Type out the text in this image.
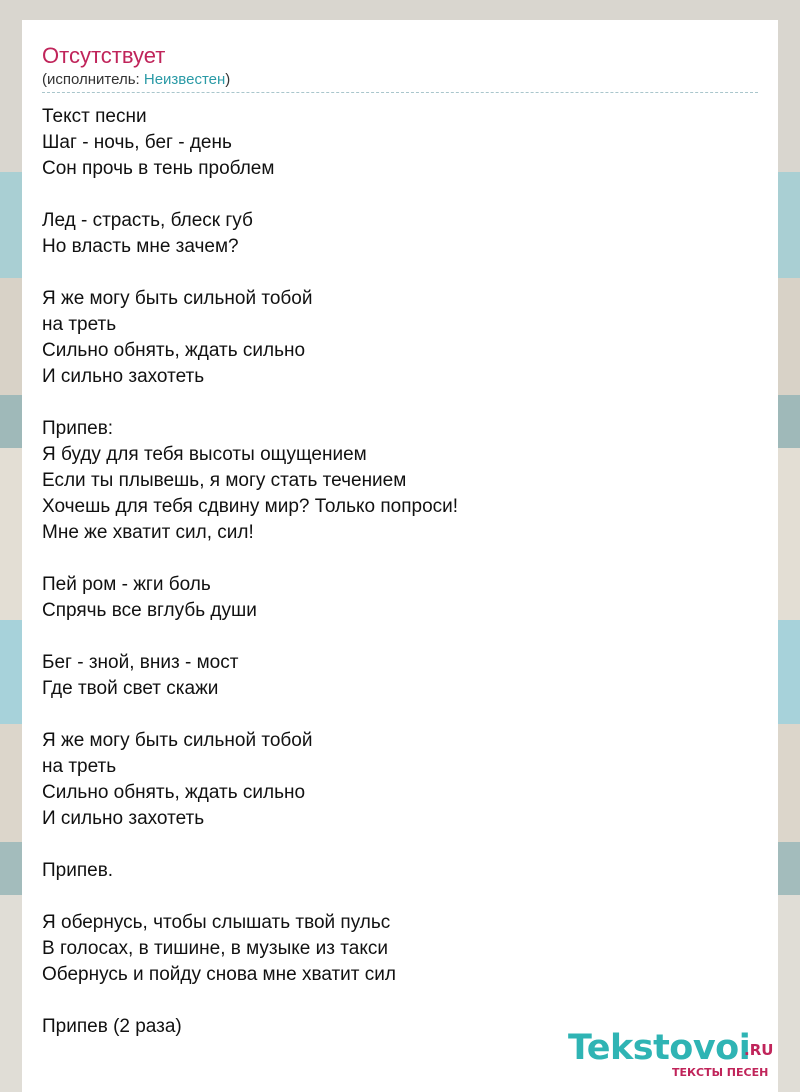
Отсутствует
(исполнитель: Неизвестен)
Текст песни
Шаг - ночь, бег - день
Сон прочь в тень проблем
Лед - страсть, блеск губ
Но власть мне зачем?
Я же могу быть сильной тобой
на треть
Сильно обнять, ждать сильно
И сильно захотеть
Припев:
Я буду для тебя высоты ощущением
Если ты плывешь, я могу стать течением
Хочешь для тебя сдвину мир? Только попроси!
Мне же хватит сил, сил!
Пей ром - жги боль
Спрячь все вглубь души
Бег - зной, вниз - мост
Где твой свет скажи
Я же могу быть сильной тобой
на треть
Сильно обнять, ждать сильно
И сильно захотеть
Припев.
Я обернусь, чтобы слышать твой пульс
В голосах, в тишине, в музыке из такси
Обернусь и пойду снова мне хватит сил
Припев (2 раза)
Tekstovoi
.RU
ТЕКСТЫ ПЕСЕН
